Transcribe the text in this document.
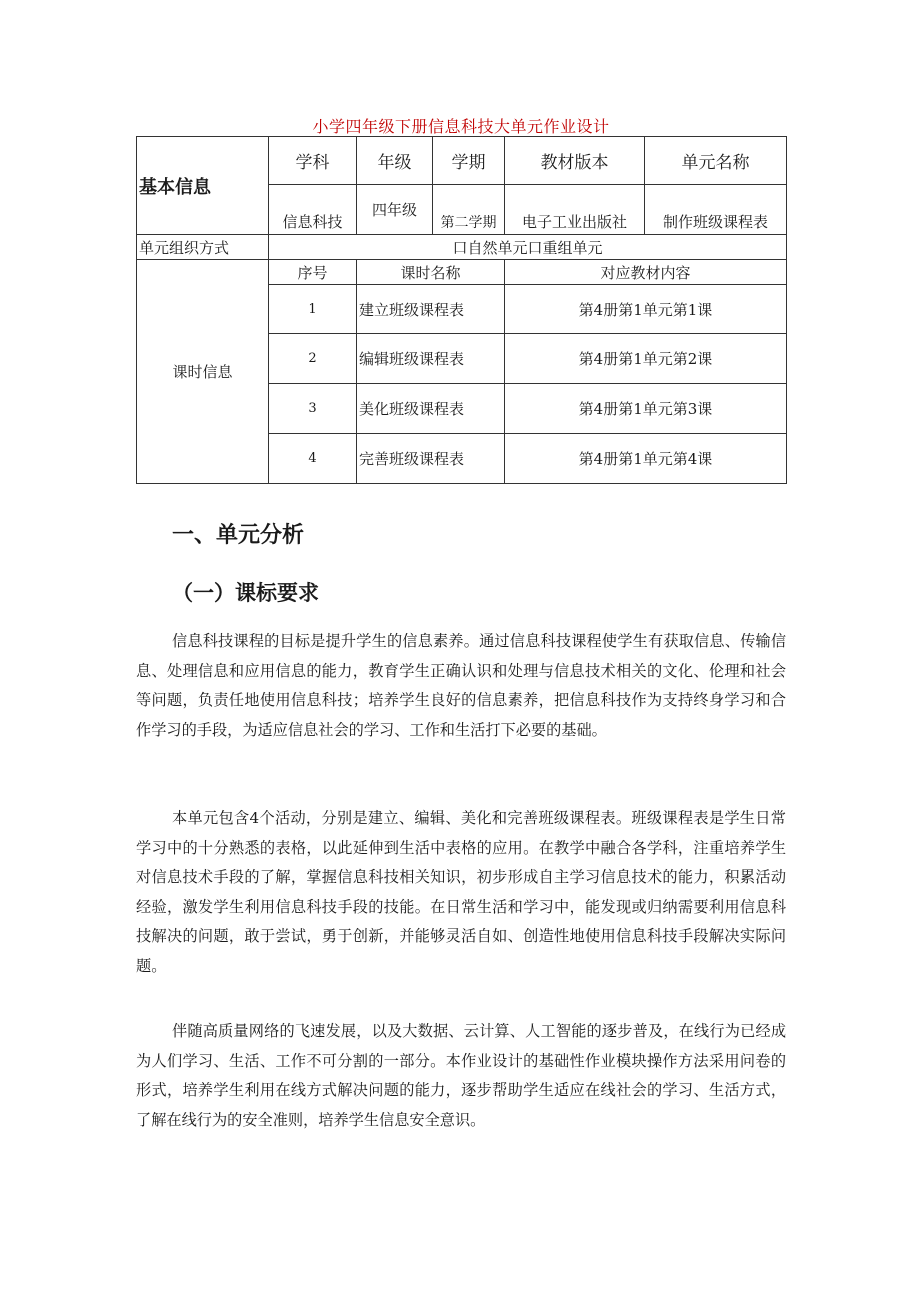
小学四年级下册信息科技大单元作业设计
基本信息	学科	年级	学期	教材版本	单元名称
	信息科技	四年级	第二学期	电子工业出版社	制作班级课程表
单元组织方式	口自然单元口重组单元				
课时信息	序号	课时名称		对应教材内容	
	1	建立班级课程表		第4册第1单元第1课	
	2	编辑班级课程表		第4册第1单元第2课	
	3	美化班级课程表		第4册第1单元第3课	
	4	完善班级课程表		第4册第1单元第4课	
一、单元分析
（一）课标要求

信息科技课程的目标是提升学生的信息素养。通过信息科技课程使学生有获取信息、传输信息、处理信息和应用信息的能力，教育学生正确认识和处理与信息技术相关的文化、伦理和社会等问题，负责任地使用信息科技；培养学生良好的信息素养，把信息科技作为支持终身学习和合作学习的手段，为适应信息社会的学习、工作和生活打下必要的基础。

本单元包含4个活动，分别是建立、编辑、美化和完善班级课程表。班级课程表是学生日常学习中的十分熟悉的表格，以此延伸到生活中表格的应用。在教学中融合各学科，注重培养学生对信息技术手段的了解，掌握信息科技相关知识，初步形成自主学习信息技术的能力，积累活动经验，激发学生利用信息科技手段的技能。在日常生活和学习中，能发现或归纳需要利用信息科技解决的问题，敢于尝试，勇于创新，并能够灵活自如、创造性地使用信息科技手段解决实际问题。

伴随高质量网络的飞速发展，以及大数据、云计算、人工智能的逐步普及，在线行为已经成为人们学习、生活、工作不可分割的一部分。本作业设计的基础性作业模块操作方法采用问卷的形式，培养学生利用在线方式解决问题的能力，逐步帮助学生适应在线社会的学习、生活方式，了解在线行为的安全准则，培养学生信息安全意识。
